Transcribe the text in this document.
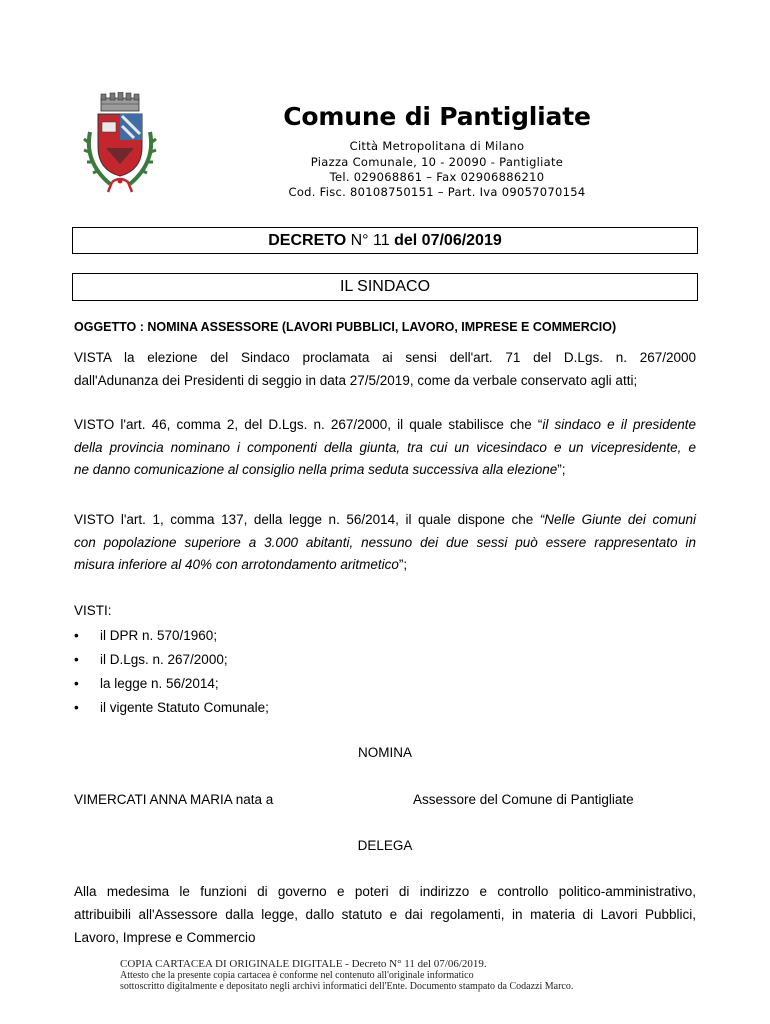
Comune di Pantigliate
Città Metropolitana di Milano
Piazza Comunale, 10 - 20090 - Pantigliate
Tel. 029068861 – Fax 02906886210
Cod. Fisc. 80108750151 – Part. Iva 09057070154
DECRETO N° 11 del 07/06/2019
IL SINDACO
OGGETTO : NOMINA ASSESSORE (LAVORI PUBBLICI, LAVORO, IMPRESE E COMMERCIO)
VISTA la elezione del Sindaco proclamata ai sensi dell'art. 71 del D.Lgs. n. 267/2000
dall'Adunanza dei Presidenti di seggio in data 27/5/2019, come da verbale conservato agli atti;
VISTO l'art. 46, comma 2, del D.Lgs. n. 267/2000, il quale stabilisce che “il sindaco e il presidente
della provincia nominano i componenti della giunta, tra cui un vicesindaco e un vicepresidente, e
ne danno comunicazione al consiglio nella prima seduta successiva alla elezione”;
VISTO l'art. 1, comma 137, della legge n. 56/2014, il quale dispone che “Nelle Giunte dei comuni
con popolazione superiore a 3.000 abitanti, nessuno dei due sessi può essere rappresentato in
misura inferiore al 40% con arrotondamento aritmetico”;
VISTI:
• il DPR n. 570/1960;
• il D.Lgs. n. 267/2000;
• la legge n. 56/2014;
• il vigente Statuto Comunale;
NOMINA
VIMERCATI ANNA MARIA nata a	Assessore del Comune di Pantigliate
DELEGA
Alla medesima le funzioni di governo e poteri di indirizzo e controllo politico-amministrativo,
attribuibili all'Assessore dalla legge, dallo statuto e dai regolamenti, in materia di Lavori Pubblici,
Lavoro, Imprese e Commercio
COPIA CARTACEA DI ORIGINALE DIGITALE - Decreto N° 11 del 07/06/2019.
Attesto che la presente copia cartacea è conforme nel contenuto all'originale informatico
sottoscritto digitalmente e depositato negli archivi informatici dell'Ente. Documento stampato da Codazzi Marco.
